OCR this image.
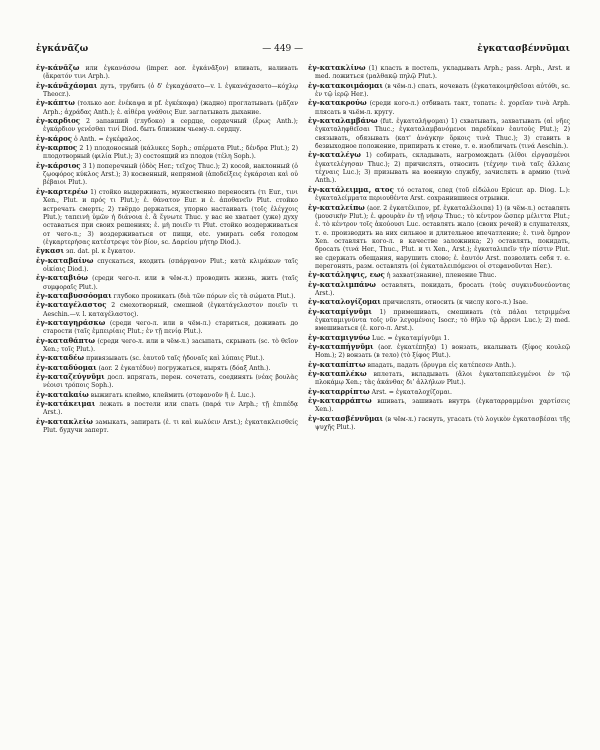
ἐγκάνᾶζω	— 449 —	ἐγκατασβέννῡμαι

ἐγ-κάνᾶζω или ἐγκανάσσω (imper. aor. ἐγκάνᾶξον) вливать, наливать (ἄκρατόν τινι Arph.).

ἐγ-κάνᾶχάομαι дуть, трубить (ὁ δ' ἐγκαχάσατο—v. l. ἐγκανάχασατο—κόχλῳ Theocr.).

ἐγ-κάπτω (только aor. ἐνέκαψα и pf. ἐγκέκαφα) (жадно) проглатывать (μᾶζαν Arph.; ἀχράδας Anth.); ἐ. αἰθέρα γνάθοις Eur. заглатывать дыхание.

ἐγ-καρδιος 2 запавший (глубоко) в сердце, сердечный (ἔρως Anth.); ἐγκάρδιον γενέσθαι τινί Diod. быть близким чьему-л. сердцу.

ἐγ-κάρος ὁ Anth. = ἐγκέφαλος.

ἐγ-καρπος 2 1) плодоносный (κάλυκες Soph.; σπέρματα Plut.; δένδρα Plut.); 2) плодотворный (φιλία Plut.); 3) состоящий из плодов (τέλη Soph.).

ἐγ-κάρσιος 3 1) поперечный (ὁδὸς Her.; τεῖχος Thuc.); 2) косой, наклонный (ὁ ζῳοφόρος κύκλος Arst.); 3) косвенный, непрямой (ἀποδείξεις ἐγκάρσιαι καὶ οὐ βέβαιοι Plut.).

ἐγ-καρτερέω 1) стойко выдерживать, мужественно переносить (τι Eur., τινι Xen., Plut. и πρός τι Plut.); ἐ. θάνατον Eur. и ἐ. ἀποθανεῖν Plut. стойко встречать смерть; 2) твёрдо держаться, упорно настаивать (τοῖς ἐλέγχοις Plut.); ταπεινὴ ὑμῶν ἡ διάνοια ἐ. ἃ ἔγνωτε Thuc. у вас не хватает (уже) духу оставаться при своих решениях; ἐ. μὴ ποιεῖν τι Plut. стойко воздерживаться от чего-л.; 3) воздерживаться от пищи, etc. умирать себя голодом (ἐγκαρτερήσας κατέστρεψε τὸν βίον, sc. Δαρείου μήτηρ Diod.).

ἔγκασι эп. dat. pl. к ἔγκατον.

ἐγ-καταβαίνω спускаться, входить (σπάργανον Plut.; κατὰ κλιμάκων ταῖς οἰκίαις Diod.).

ἐγ-καταβιόω (среди чего-л. или в чём-л.) проводить жизнь, жить (ταῖς συμφοραῖς Plut.).

ἐγ-καταβυσσόομαι глубоко проникать (διὰ τῶν πόρων εἰς τὰ σώματα Plut.).

ἐγ-καταγέλαστος 2 смехотворный, смешной (ἐγκατάγελαστον ποιεῖν τι Aeschin.—v. l. καταγέλαστος).

ἐγ-καταγηράσκω (среди чего-л. или в чём-л.) стариться, доживать до старости (ταῖς ἐμπειρίαις Plut.; ἐν τῇ πενίᾳ Plut.).

ἐγ-καταθάπτω (среди чего-л. или в чём-л.) засыпать, скрывать (sc. τὸ θεῖον Xen.; τοῖς Plut.).

ἐγ-καταδέω привязывать (sc. ἑαυτοῦ ταῖς ἡδοναῖς καὶ λύπαις Plut.).

ἐγ-καταδύομαι (aor. 2 ἐγκατέδυν) погружаться, нырять (δόαξ Anth.).

ἐγ-καταζεύγνῡμι досл. впрягать, перен. сочетать, соединять (νέας βουλὰς νέοισι τρόποις Soph.).

ἐγ-καταkαίω выжигать клеймо, клеймить (στεφανοῦν ἢ ἐ. Luc.).

ἐγ-κατάκειμαι лежать в постели или спать (παρά τιν Arph.; τῇ ἐπιπέδᾳ Arst.).

ἐγ-κατακλείω замыкать, запирать (ἐ. τι καὶ κωλύειν Arst.); ἐγκατακλεισθείς Plut. будучи заперт.

ἐγ-κατακλίνω (1) класть в постель, укладывать Arph.; pass. Arph., Arst. и med. ложиться (μαλθακῷ πηλῷ Plut.).

ἐγ-κατακοιμάομαι (в чём-л.) спать, ночевать (ἐγκατακοιμηθεῖσαι αὐτόθι, sc. ἐν τῷ ἱερῷ Her.).

ἐγ-κατακρούω (среди кого-л.) отбивать такт, топать: ἐ. χορεῖαν τινὰ Arph. плясать в чьём-л. кругу.

ἐγ-καταλαμβάνω (fut. ἐγκαταλήψομαι) 1) схватывать, захватывать (αἱ νῆες ἐγκαταληφθεῖσαι Thuc.; ἐγκαταλαμβανόμενοι παρεδίκαν ἑαυτοὺς Plut.); 2) связывать, обязывать (κατ' ἀνάγκην ὅρκοις τινὰ Thuc.); 3) ставить в безвыходное положение, припирать к стене, т. е. изобличать (τινά Aeschin.).

ἐγ-καταλέγω 1) собирать, складывать, нагромождать (λίθοι εἰργασμένοι ἐγκατελέγησαν Thuc.); 2) причислять, относить (τέχνην τινὰ ταῖς ἄλλαις τέχναις Luc.); 3) призывать на военную службу, зачислять в армию (τινὰ Anth.).

ἐγ-κατάλειμμα, ατος τό остаток, след (τοῦ εἰδώλου Epicur. ap. Diog. L.): ἐγκαταλείμματα περιουθέντα Arst. сохранившиеся отрывки.

ἐγ-καταλείπω (aor. 2 ἐγκατέλιπον, pf. ἐγκαταλέλοιπα) 1) (в чём-л.) оставлять (μουσικὴν Plut.); ἐ. φρουρὰν ἐν τῇ νήσῳ Thuc.; τὸ κέντρον ὥσπερ μέλιττα Plut.; ἐ. τὸ κέντρον τοῖς ἀκούουσι Luc. оставлять жало (своих речей) в слушателях, т. е. производить на них сильное и длительное впечатление; ἐ. τινὰ ὅμηρον Xen. оставлять кого-л. в качестве заложника; 2) оставлять, покидать, бросать (τινά Her., Thuc., Plut. и τι Xen., Arst.); ἐγκαταλιπεῖν τὴν πίστιν Plut. не сдержать обещания, нарушить слово; ἐ. ἑαυτόν Arst. позволить себя т. е. перегонять, разм. оставлять (οἱ ἐγκαταλειπόμενοι οἱ στεφανοῦνται Her.).

ἐγ-κατάληψις, εως ἡ захват(знание), пленение Thuc.

ἐγ-καταλιμπάνω оставлять, покидать, бросать (τοὺς συγκινδυνεύοντας Arst.).

ἐγ-καταλογίζομαι причислять, относить (к числу кого-л.) Isae.

ἐγ-καταμίγνῡμι 1) примешивать, смешивать (τὰ πάλαι τετριμμένα ἐγκαταμιγνύντα τοῖς νῦν λεγομένοις Isocr.; τὸ θῆλυ τῷ ἄρρενι Luc.); 2) med. вмешиваться (ἐ. кого-л. Arst.).

ἐγ-καταμιγνύω Luc. = ἐγκαταμίγνῡμι 1.

ἐγ-καταπήγνῡμι (aor. ἐγκατέπηξα) 1) вонзать, вкалывать (ξίφος κουλεῷ Hom.); 2) вонзать (в тело) (τὸ ξίφος Plut.).

ἐγ-καταπίπτω впадать, падать (ὄρυγμα εἰς κατέπεσεν Anth.).

ἐγ-καταπλέκω вплетать, вкладывать (ἄλοι ἐγκαταπεπλεγμένοι ἐν τῷ πλοκάμῳ Xen.; τὰς ἀκάνθας διʼ ἀλλήλων Plut.).

ἐγ-καταρρίπτω Arst. = ἐγκαταλοχίζομαι.

ἐγ-καταρράπτω вшивать, зашивать внутрь (ἐγκαταρραμμένοι χαρτίσεις Xen.).

ἐγ-κατασβέννῡμαι (в чём-л.) гаснуть, угасать (τὸ λογικὸν ἐγκατασβέσαι τῆς ψυχῆς Plut.).
